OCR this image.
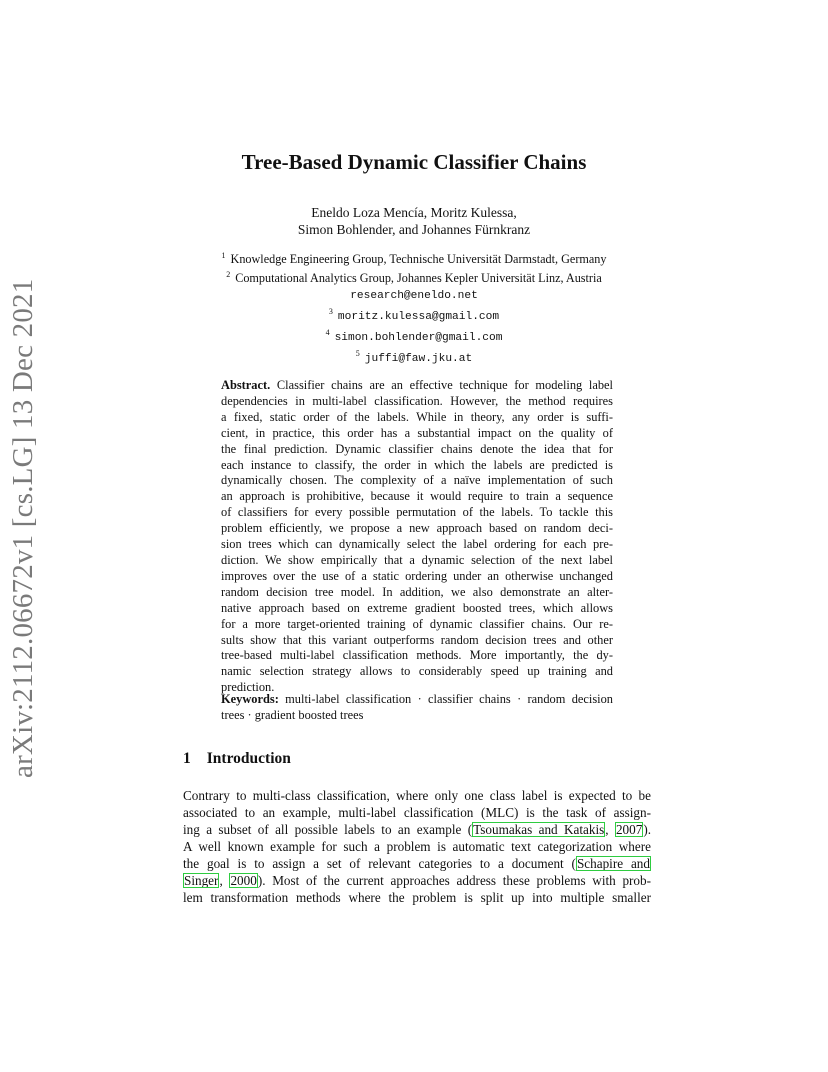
arXiv:2112.06672v1 [cs.LG] 13 Dec 2021
Tree-Based Dynamic Classifier Chains
Eneldo Loza Mencía, Moritz Kulessa,
Simon Bohlender, and Johannes Fürnkranz
$^1$ Knowledge Engineering Group, Technische Universität Darmstadt, Germany
$^2$ Computational Analytics Group, Johannes Kepler Universität Linz, Austria
research@eneldo.net
$^3$ moritz.kulessa@gmail.com
$^4$ simon.bohlender@gmail.com
$^5$ juffi@faw.jku.at

Abstract. Classifier chains are an effective technique for modeling label
dependencies in multi-label classification. However, the method requires
a fixed, static order of the labels. While in theory, any order is suffi-
cient, in practice, this order has a substantial impact on the quality of
the final prediction. Dynamic classifier chains denote the idea that for
each instance to classify, the order in which the labels are predicted is
dynamically chosen. The complexity of a naïve implementation of such
an approach is prohibitive, because it would require to train a sequence
of classifiers for every possible permutation of the labels. To tackle this
problem efficiently, we propose a new approach based on random deci-
sion trees which can dynamically select the label ordering for each pre-
diction. We show empirically that a dynamic selection of the next label
improves over the use of a static ordering under an otherwise unchanged
random decision tree model. In addition, we also demonstrate an alter-
native approach based on extreme gradient boosted trees, which allows
for a more target-oriented training of dynamic classifier chains. Our re-
sults show that this variant outperforms random decision trees and other
tree-based multi-label classification methods. More importantly, the dy-
namic selection strategy allows to considerably speed up training and
prediction.

Keywords: multi-label classification · classifier chains · random decision
trees · gradient boosted trees
1 Introduction
Contrary to multi-class classification, where only one class label is expected to be
associated to an example, multi-label classification (MLC) is the task of assign-
ing a subset of all possible labels to an example (Tsoumakas and Katakis, 2007).
A well known example for such a problem is automatic text categorization where
the goal is to assign a set of relevant categories to a document (Schapire and
Singer, 2000). Most of the current approaches address these problems with prob-
lem transformation methods where the problem is split up into multiple smaller
